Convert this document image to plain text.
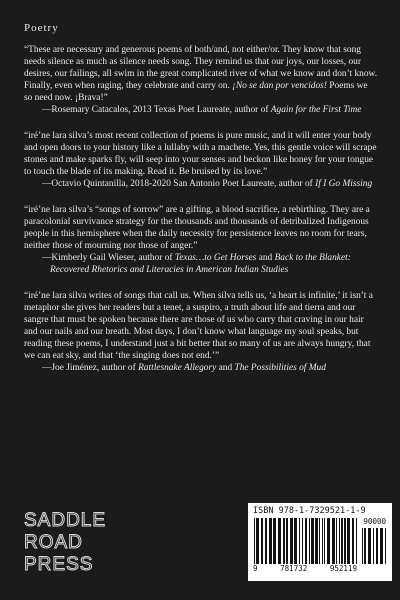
Poetry

“These are necessary and generous poems of both/and, not either/or. They know that song needs silence as much as silence needs song. They remind us that our joys, our losses, our desires, our failings, all swim in the great complicated river of what we know and don’t know. Finally, even when raging, they celebrate and carry on. ¡No se dan por vencidos! Poems we so need now. ¡Brava!”

—Rosemary Catacalos, 2013 Texas Poet Laureate, author of Again for the First Time

“iré’ne lara silva’s most recent collection of poems is pure music, and it will enter your body and open doors to your history like a lullaby with a machete. Yes, this gentle voice will scrape stones and make sparks fly, will seep into your senses and beckon like honey for your tongue to touch the blade of its making. Read it. Be bruised by its love.”

—Octavio Quintanilla, 2018-2020 San Antonio Poet Laureate, author of If I Go Missing

“iré’ne lara silva’s “songs of sorrow” are a gifting, a blood sacrifice, a rebirthing. They are a paracolonial survivance strategy for the thousands and thousands of detribalized Indigenous people in this hemisphere when the daily necessity for persistence leaves no room for tears, neither those of mourning nor those of anger.”

—Kimberly Gail Wieser, author of Texas…to Get Horses and Back to the Blanket: Recovered Rhetorics and Literacies in American Indian Studies

“iré’ne lara silva writes of songs that call us. When silva tells us, ‘a heart is infinite,’ it isn’t a metaphor she gives her readers but a tenet, a suspiro, a truth about life and tierra and our sangre that must be spoken because there are those of us who carry that craving in our hair and our nails and our breath. Most days, I don’t know what language my soul speaks, but reading these poems, I understand just a bit better that so many of us are always hungry, that we can eat sky, and that ‘the singing does not end.’”

—Joe Jiménez, author of Rattlesnake Allegory and The Possibilities of Mud

SADDLE
ROAD
PRESS
ISBN 978-1-7329521-1-9
90000
9	781732	952119
